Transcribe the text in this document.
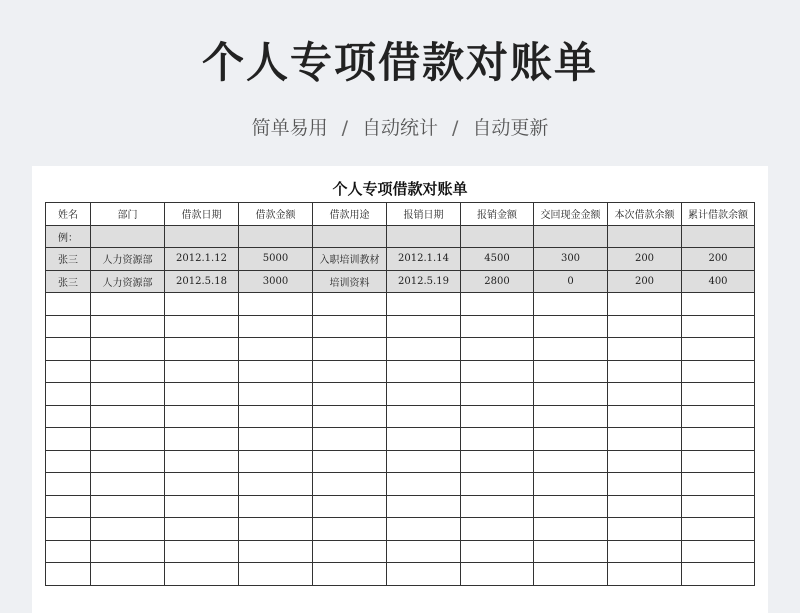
个人专项借款对账单
简单易用 / 自动统计 / 自动更新
个人专项借款对账单
姓名	部门	借款日期	借款金额	借款用途	报销日期	报销金额	交回现金金额	本次借款余额	累计借款余额
例：									
张三	人力资源部	2012.1.12	5000	入职培训教材	2012.1.14	4500	300	200	200
张三	人力资源部	2012.5.18	3000	培训资料	2012.5.19	2800	0	200	400
